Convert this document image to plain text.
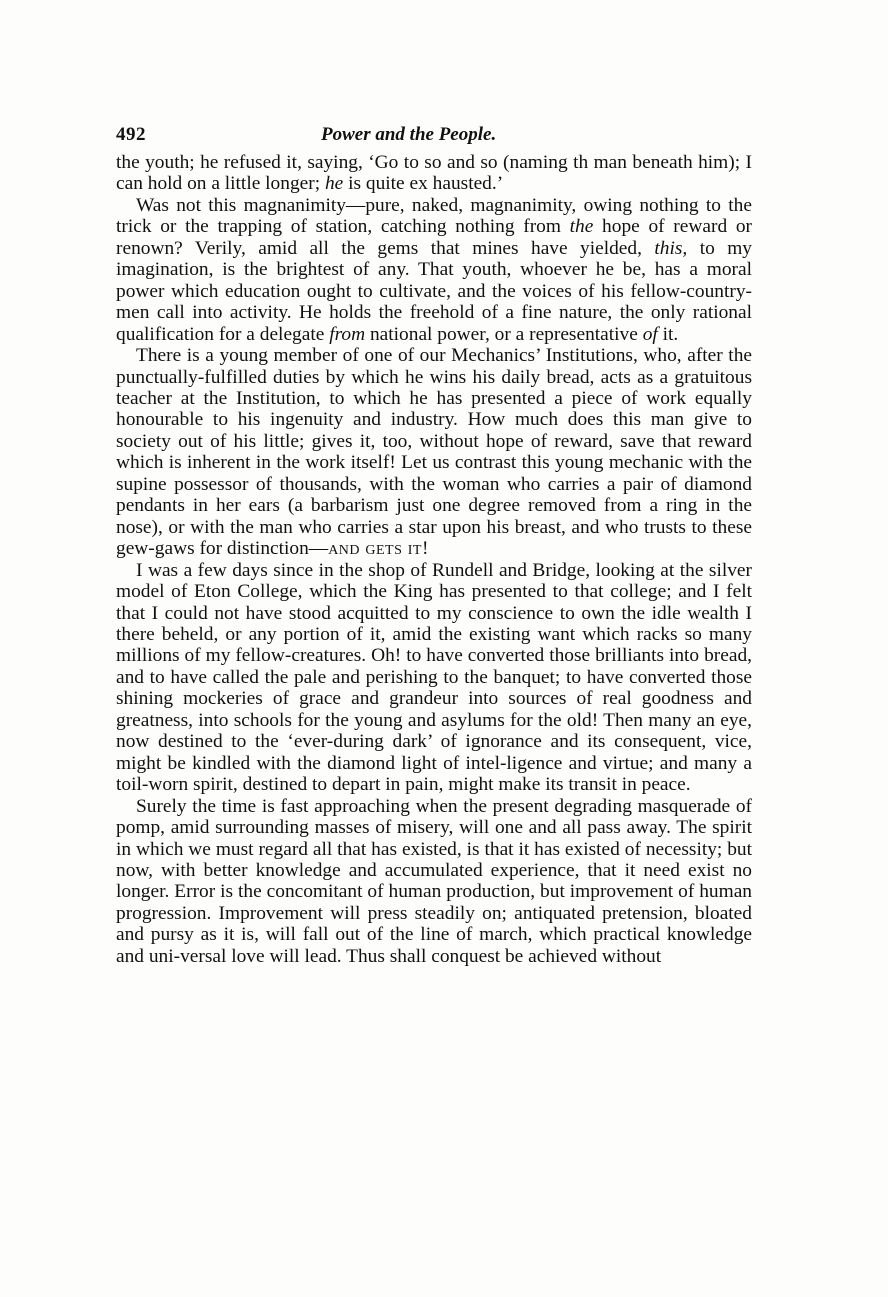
492	Power and the People.

the youth; he refused it, saying, ‘Go to so and so (naming th man beneath him); I can hold on a little longer; he is quite ex hausted.’

Was not this magnanimity—pure, naked, magnanimity, owing nothing to the trick or the trapping of station, catching nothing from the hope of reward or renown? Verily, amid all the gems that mines have yielded, this, to my imagination, is the brightest of any. That youth, whoever he be, has a moral power which education ought to cultivate, and the voices of his fellow-country-men call into activity. He holds the freehold of a fine nature, the only rational qualification for a delegate from national power, or a representative of it.

There is a young member of one of our Mechanics’ Institutions, who, after the punctually-fulfilled duties by which he wins his daily bread, acts as a gratuitous teacher at the Institution, to which he has presented a piece of work equally honourable to his ingenuity and industry. How much does this man give to society out of his little; gives it, too, without hope of reward, save that reward which is inherent in the work itself! Let us contrast this young mechanic with the supine possessor of thousands, with the woman who carries a pair of diamond pendants in her ears (a barbarism just one degree removed from a ring in the nose), or with the man who carries a star upon his breast, and who trusts to these gew-gaws for distinction—and gets it!

I was a few days since in the shop of Rundell and Bridge, looking at the silver model of Eton College, which the King has presented to that college; and I felt that I could not have stood acquitted to my conscience to own the idle wealth I there beheld, or any portion of it, amid the existing want which racks so many millions of my fellow-creatures. Oh! to have converted those brilliants into bread, and to have called the pale and perishing to the banquet; to have converted those shining mockeries of grace and grandeur into sources of real goodness and greatness, into schools for the young and asylums for the old! Then many an eye, now destined to the ‘ever-during dark’ of ignorance and its consequent, vice, might be kindled with the diamond light of intel-ligence and virtue; and many a toil-worn spirit, destined to depart in pain, might make its transit in peace.

Surely the time is fast approaching when the present degrading masquerade of pomp, amid surrounding masses of misery, will one and all pass away. The spirit in which we must regard all that has existed, is that it has existed of necessity; but now, with better knowledge and accumulated experience, that it need exist no longer. Error is the concomitant of human production, but improvement of human progression. Improvement will press steadily on; antiquated pretension, bloated and pursy as it is, will fall out of the line of march, which practical knowledge and uni-versal love will lead. Thus shall conquest be achieved without
